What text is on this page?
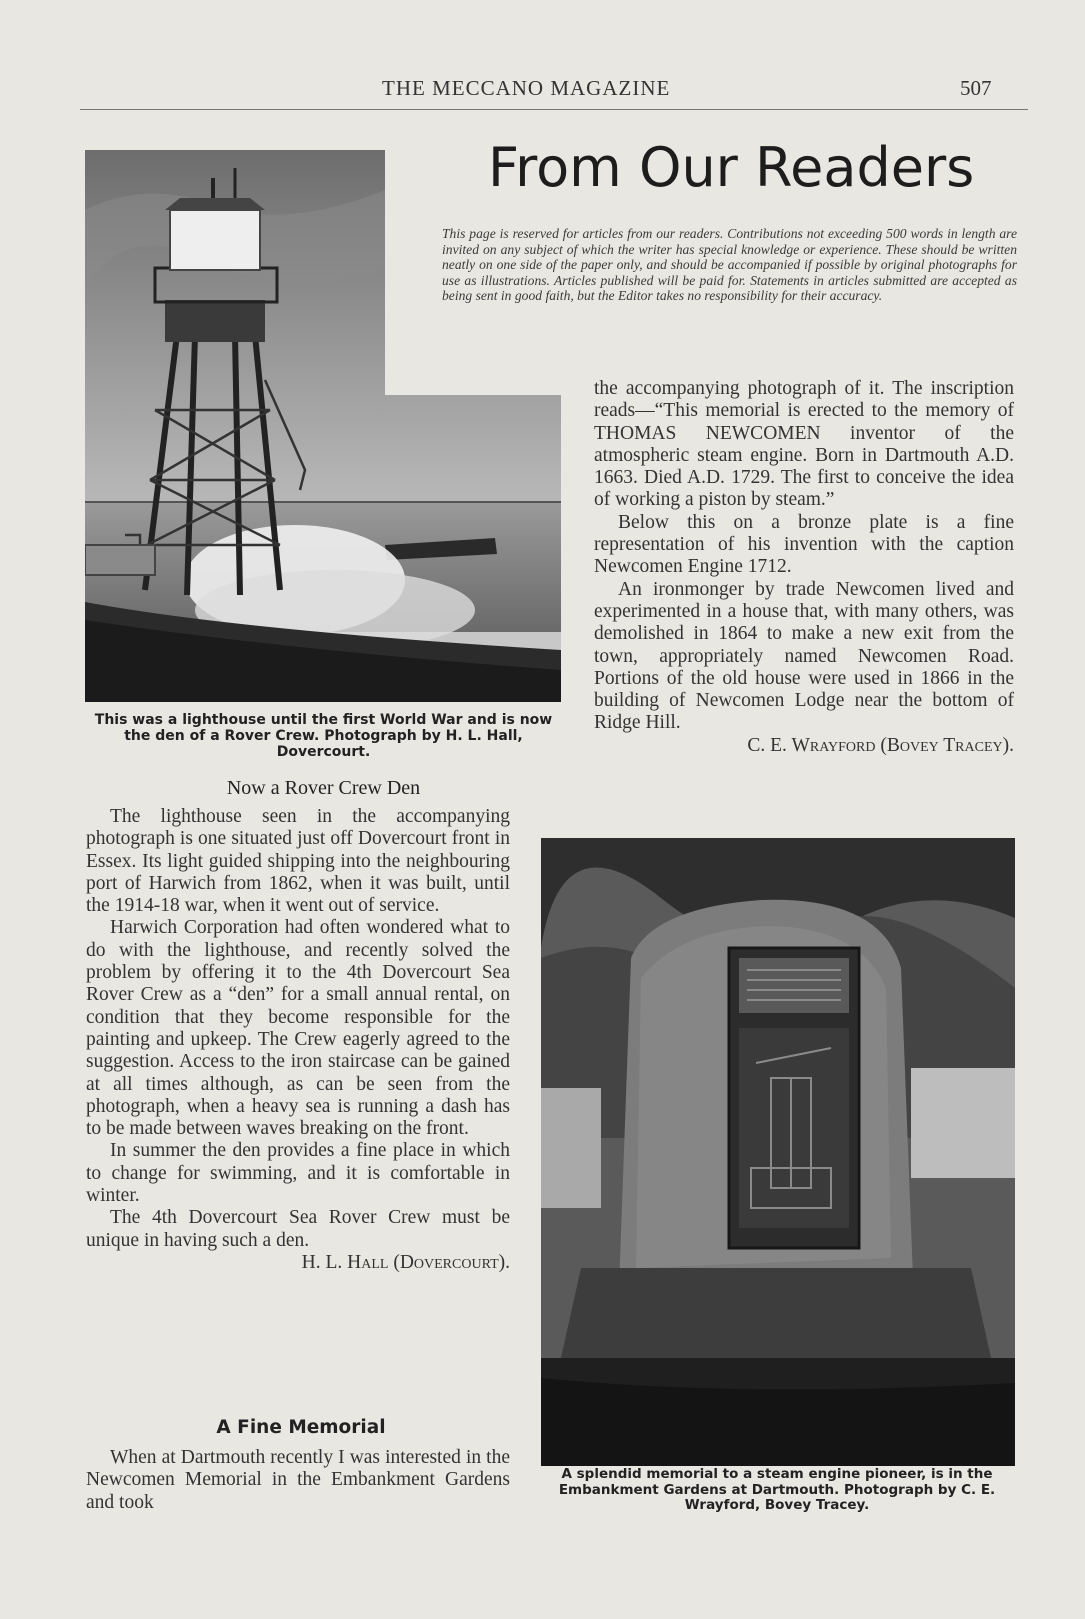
THE MECCANO MAGAZINE	507
From Our Readers
This page is reserved for articles from our readers. Contributions not exceeding 500 words in length are invited on any subject of which the writer has special knowledge or experience. These should be written neatly on one side of the paper only, and should be accompanied if possible by original photographs for use as illustrations. Articles published will be paid for. Statements in articles submitted are accepted as being sent in good faith, but the Editor takes no responsibility for their accuracy.
This was a lighthouse until the first World War and is now the den of a Rover Crew. Photograph by H. L. Hall, Dovercourt.
Now a Rover Crew Den

The lighthouse seen in the accompanying photograph is one situated just off Dovercourt front in Essex. Its light guided shipping into the neighbouring port of Harwich from 1862, when it was built, until the 1914-18 war, when it went out of service.

Harwich Corporation had often wondered what to do with the lighthouse, and recently solved the problem by offering it to the 4th Dovercourt Sea Rover Crew as a “den” for a small annual rental, on condition that they become responsible for the painting and upkeep. The Crew eagerly agreed to the suggestion. Access to the iron staircase can be gained at all times although, as can be seen from the photograph, when a heavy sea is running a dash has to be made between waves breaking on the front.

In summer the den provides a fine place in which to change for swimming, and it is comfortable in winter.

The 4th Dovercourt Sea Rover Crew must be unique in having such a den.

H. L. Hall (Dovercourt).

A Fine Memorial

When at Dartmouth recently I was interested in the Newcomen Memorial in the Embankment Gardens and took

the accompanying photograph of it. The inscription reads—“This memorial is erected to the memory of THOMAS NEWCOMEN inventor of the atmospheric steam engine. Born in Dartmouth A.D. 1663. Died A.D. 1729. The first to conceive the idea of working a piston by steam.”

Below this on a bronze plate is a fine representation of his invention with the caption Newcomen Engine 1712.

An ironmonger by trade Newcomen lived and experimented in a house that, with many others, was demolished in 1864 to make a new exit from the town, appropriately named Newcomen Road. Portions of the old house were used in 1866 in the building of Newcomen Lodge near the bottom of Ridge Hill.

C. E. Wrayford (Bovey Tracey).

A splendid memorial to a steam engine pioneer, is in the Embankment Gardens at Dartmouth. Photograph by C. E. Wrayford, Bovey Tracey.
